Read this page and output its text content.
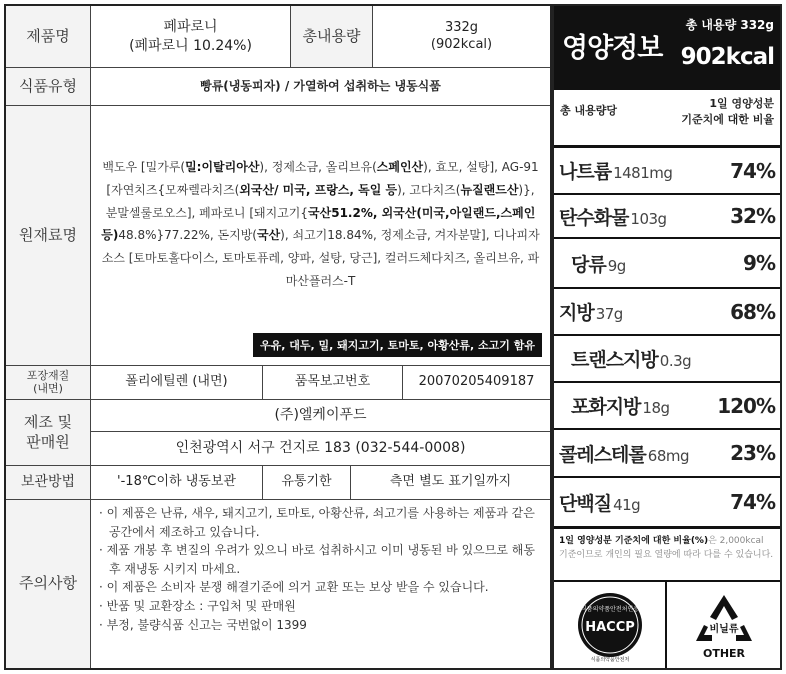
제품명	페파로니
(페파로니 10.24%)
총내용량	332g
(902kcal)
식품유형	빵류(냉동피자) / 가열하여 섭취하는 냉동식품
원재료명
백도우 [밀가루(밀:이탈리아산), 정제소금, 올리브유(스페인산), 효모, 설탕], AG-91 [자연치즈{모짜렐라치즈(외국산/ 미국, 프랑스, 독일 등), 고다치즈(뉴질랜드산)}, 분말셀룰로오스], 페파로니 [돼지고기{국산51.2%, 외국산(미국,아일랜드,스페인 등)48.8%}77.22%, 돈지방(국산), 쇠고기18.84%, 정제소금, 겨자분말], 디나피자소스 [토마토홀다이스, 토마토퓨레, 양파, 설탕, 당근], 컬러드체다치즈, 올리브유, 파마산플러스-T
우유, 대두, 밀, 돼지고기, 토마토, 아황산류, 소고기 함유
포장재질
(내면)	폴리에틸렌 (내면)	품목보고번호	20070205409187
제조 및
판매원
(주)엘케이푸드
인천광역시 서구 건지로 183 (032-544-0008)
보관방법	'-18℃이하 냉동보관	유통기한	측면 별도 표기일까지
주의사항
· 이 제품은 난류, 새우, 돼지고기, 토마토, 아황산류, 쇠고기를 사용하는 제품과 같은 공간에서 제조하고 있습니다.
· 제품 개봉 후 변질의 우려가 있으니 바로 섭취하시고 이미 냉동된 바 있으므로 해동 후 재냉동 시키지 마세요.
· 이 제품은 소비자 분쟁 해결기준에 의거 교환 또는 보상 받을 수 있습니다.
· 반품 및 교환장소 : 구입처 및 판매원
· 부정, 불량식품 신고는 국번없이 1399
영양정보
총 내용량 332g
902kcal
총 내용량당
1일 영양성분
기준치에 대한 비율
나트륨 1481mg	74%
탄수화물 103g	32%
당류 9g	9%
지방 37g	68%
트랜스지방 0.3g
포화지방 18g 120%
콜레스테롤 68mg 23%
단백질 41g	74%
1일 영양성분 기준치에 대한 비율(%)은 2,000kcal 기준이므로 개인의 필요 열량에 따라 다를 수 있습니다.
식품의약품안전처인증
HACCP
식품의약품안전처
비닐류
OTHER
